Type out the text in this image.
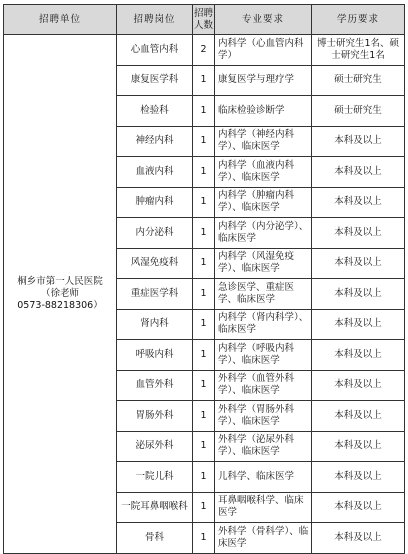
招聘单位	招聘岗位	招聘人数	专业要求	学历要求

桐乡市第一人民医院
（徐老师
0573-88218306）	心血管内科	2	内科学（心血管内科学）	博士研究生1名、硕士研究生1名
	康复医学科	1	康复医学与理疗学	硕士研究生
	检验科	1	临床检验诊断学	硕士研究生
	神经内科	1	内科学（神经内科学）、临床医学	本科及以上
	血液内科	1	内科学（血液内科学）、临床医学	本科及以上
	肿瘤内科	1	内科学（肿瘤内科学）、临床医学	本科及以上
	内分泌科	1	内科学（内分泌学）、临床医学	本科及以上
	风湿免疫科	1	内科学（风湿免疫学）、临床医学	本科及以上
	重症医学科	1	急诊医学、重症医学、临床医学	本科及以上
	肾内科	1	内科学（肾内科学）、临床医学	本科及以上
	呼吸内科	1	内科学（呼吸内科学）、临床医学	本科及以上
	血管外科	1	外科学（血管外科学）、临床医学	本科及以上
	胃肠外科	1	外科学（胃肠外科学）、临床医学	本科及以上
	泌尿外科	1	外科学（泌尿外科学）、临床医学	本科及以上
	一院儿科	1	儿科学、临床医学	本科及以上
	一院耳鼻咽喉科	1	耳鼻咽喉科学、临床医学	本科及以上
	骨科	1	外科学（骨科学）、临床医学	本科及以上
